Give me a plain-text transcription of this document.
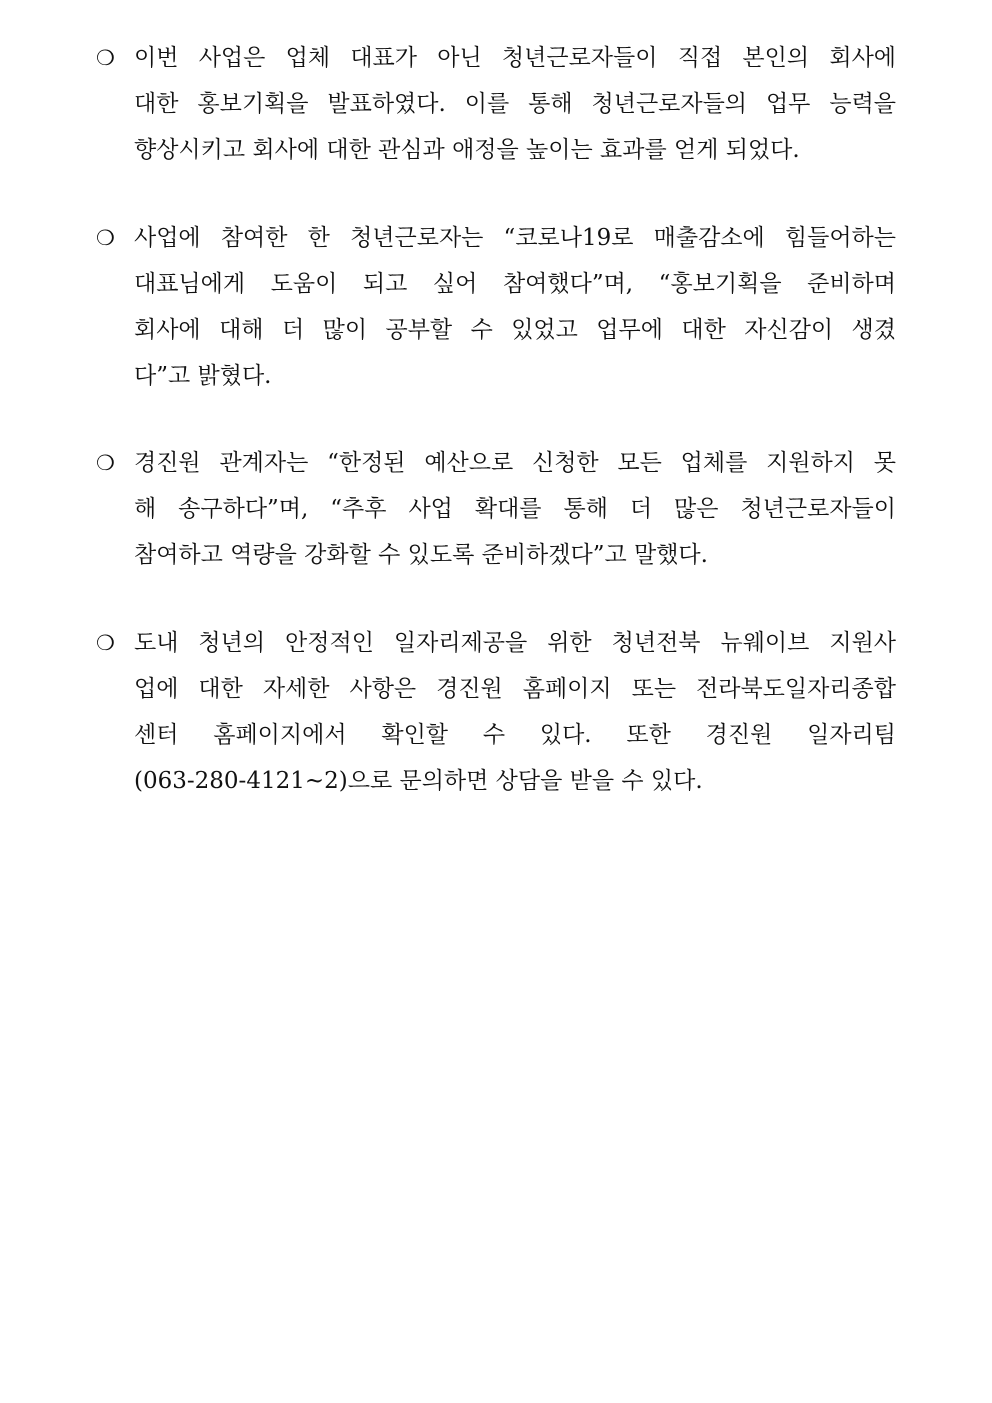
❍ 이번 사업은 업체 대표가 아닌 청년근로자들이 직접 본인의 회사에
대한 홍보기획을 발표하였다. 이를 통해 청년근로자들의 업무 능력을
향상시키고 회사에 대한 관심과 애정을 높이는 효과를 얻게 되었다.
❍ 사업에 참여한 한 청년근로자는 “코로나19로 매출감소에 힘들어하는
대표님에게 도움이 되고 싶어 참여했다”며, “홍보기획을 준비하며
회사에 대해 더 많이 공부할 수 있었고 업무에 대한 자신감이 생겼
다”고 밝혔다.
❍ 경진원 관계자는 “한정된 예산으로 신청한 모든 업체를 지원하지 못
해 송구하다”며, “추후 사업 확대를 통해 더 많은 청년근로자들이
참여하고 역량을 강화할 수 있도록 준비하겠다”고 말했다.
❍ 도내 청년의 안정적인 일자리제공을 위한 청년전북 뉴웨이브 지원사
업에 대한 자세한 사항은 경진원 홈페이지 또는 전라북도일자리종합
센터 홈페이지에서 확인할 수 있다. 또한 경진원 일자리팀
(063-280-4121~2)으로 문의하면 상담을 받을 수 있다.
